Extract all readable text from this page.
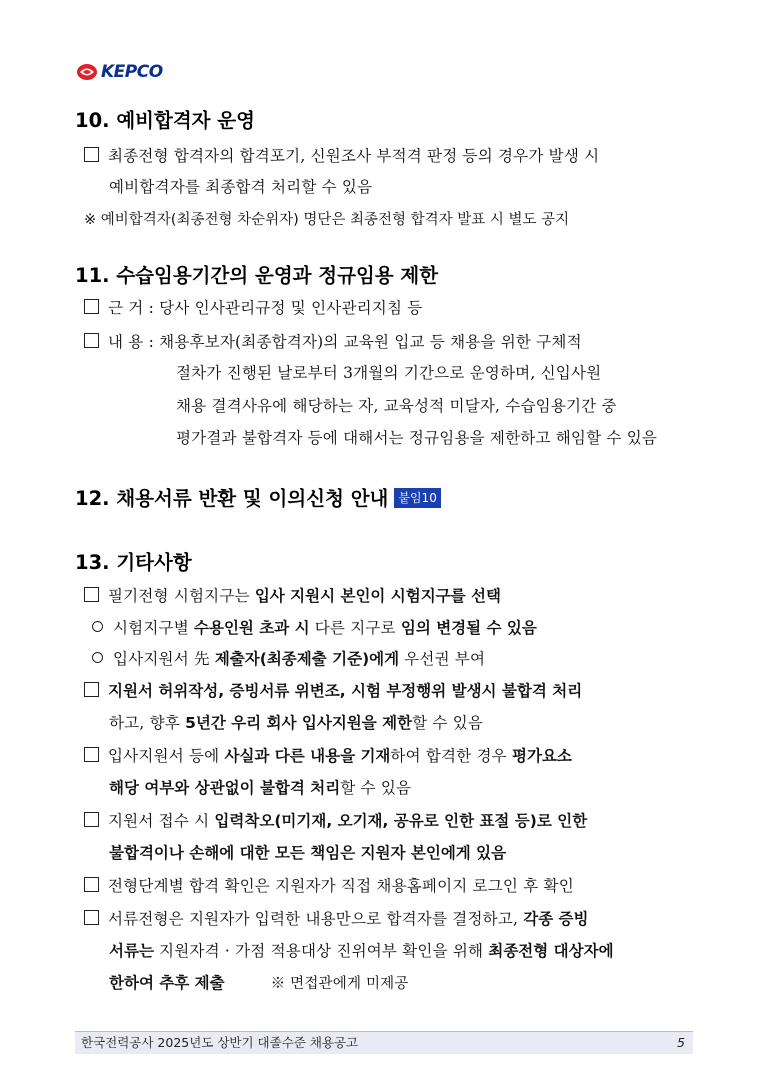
KEPCO
10. 예비합격자 운영
최종전형 합격자의 합격포기, 신원조사 부적격 판정 등의 경우가 발생 시
예비합격자를 최종합격 처리할 수 있음
※ 예비합격자(최종전형 차순위자) 명단은 최종전형 합격자 발표 시 별도 공지
11. 수습임용기간의 운영과 정규임용 제한
근 거 : 당사 인사관리규정 및 인사관리지침 등
내 용 : 채용후보자(최종합격자)의 교육원 입교 등 채용을 위한 구체적
절차가 진행된 날로부터 3개월의 기간으로 운영하며, 신입사원
채용 결격사유에 해당하는 자, 교육성적 미달자, 수습임용기간 중
평가결과 불합격자 등에 대해서는 정규임용을 제한하고 해임할 수 있음
12. 채용서류 반환 및 이의신청 안내 붙임10
13. 기타사항
필기전형 시험지구는 입사 지원시 본인이 시험지구를 선택
시험지구별 수용인원 초과 시 다른 지구로 임의 변경될 수 있음
입사지원서 先 제출자(최종제출 기준)에게 우선권 부여
지원서 허위작성, 증빙서류 위변조, 시험 부정행위 발생시 불합격 처리
하고, 향후 5년간 우리 회사 입사지원을 제한할 수 있음
입사지원서 등에 사실과 다른 내용을 기재하여 합격한 경우 평가요소
해당 여부와 상관없이 불합격 처리할 수 있음
지원서 접수 시 입력착오(미기재, 오기재, 공유로 인한 표절 등)로 인한
불합격이나 손해에 대한 모든 책임은 지원자 본인에게 있음
전형단계별 합격 확인은 지원자가 직접 채용홈페이지 로그인 후 확인
서류전형은 지원자가 입력한 내용만으로 합격자를 결정하고, 각종 증빙
서류는 지원자격 · 가점 적용대상 진위여부 확인을 위해 최종전형 대상자에
한하여 추후 제출	※ 면접관에게 미제공
한국전력공사 2025년도 상반기 대졸수준 채용공고	5
